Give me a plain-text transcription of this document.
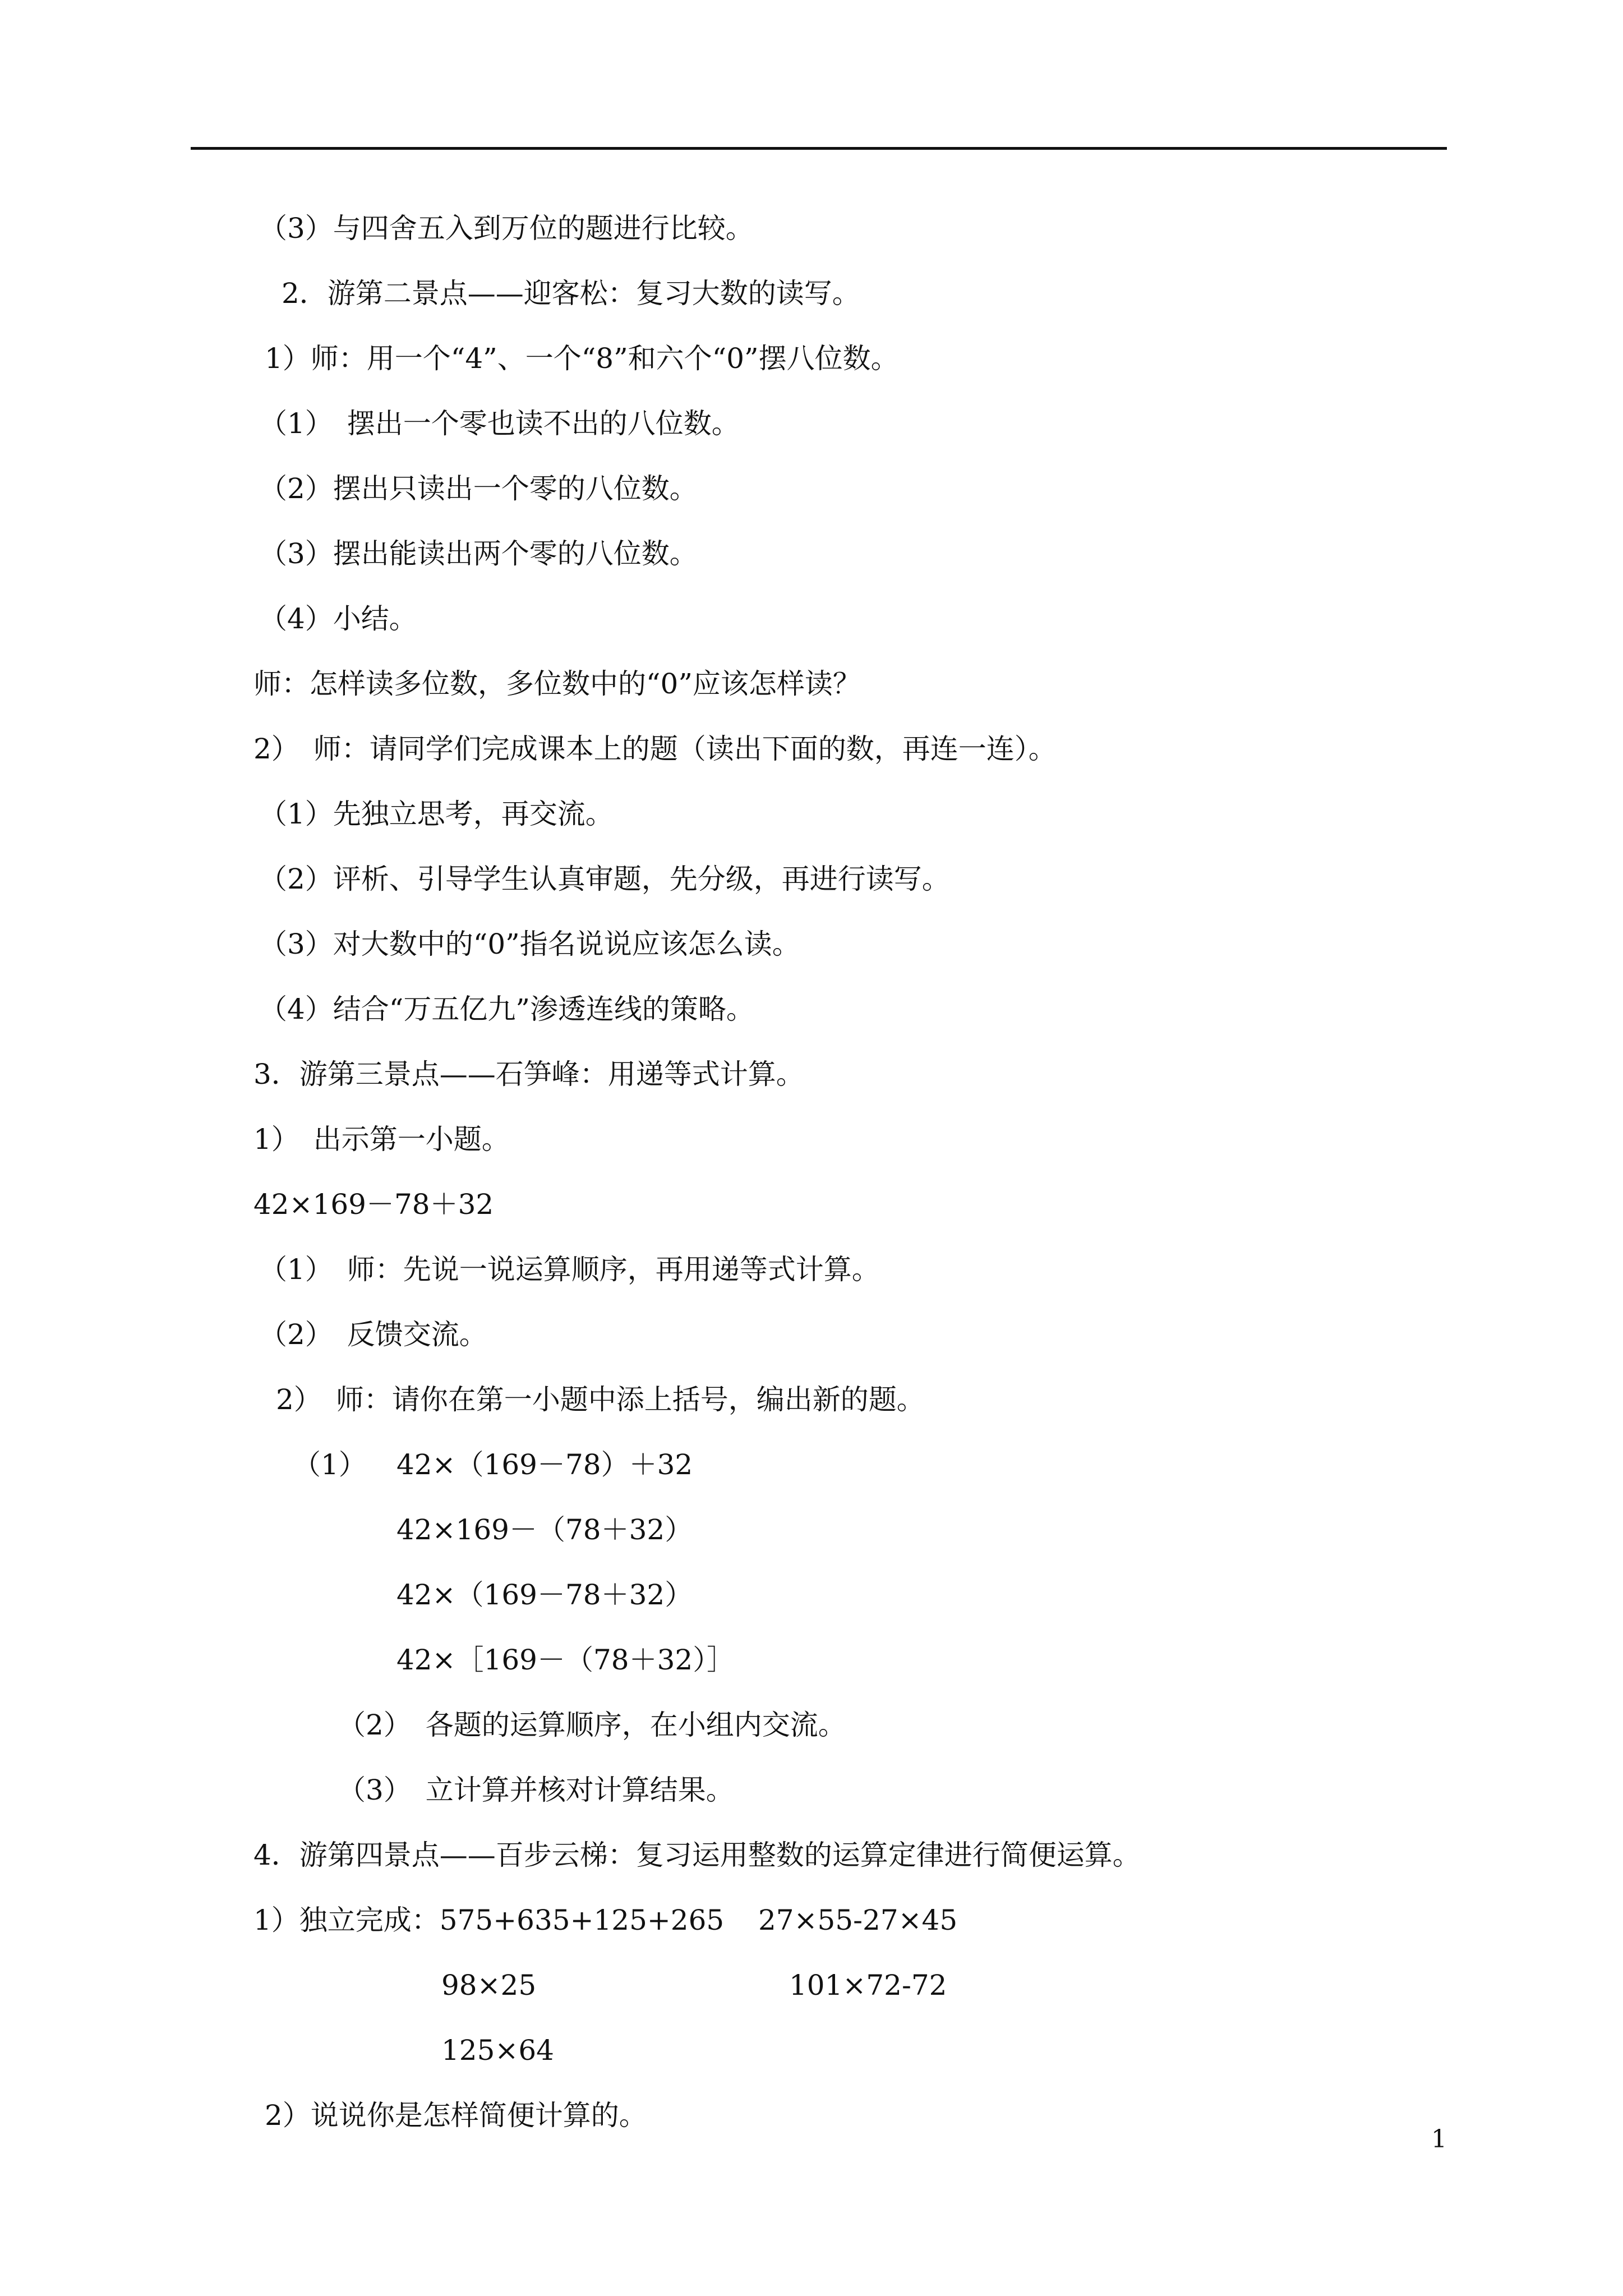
（3）与四舍五入到万位的题进行比较。
2．游第二景点——迎客松：复习大数的读写。
1）师：用一个“4”、一个“8”和六个“0”摆八位数。
（1）　摆出一个零也读不出的八位数。
（2）摆出只读出一个零的八位数。
（3）摆出能读出两个零的八位数。
（4）小结。
师：怎样读多位数，多位数中的“0”应该怎样读？
2）　师：请同学们完成课本上的题（读出下面的数，再连一连）。
（1）先独立思考，再交流。
（2）评析、引导学生认真审题，先分级，再进行读写。
（3）对大数中的“0”指名说说应该怎么读。
（4）结合“万五亿九”渗透连线的策略。
3．游第三景点——石笋峰：用递等式计算。
1）　出示第一小题。
42×169－78＋32
（1）　师：先说一说运算顺序，再用递等式计算。
（2）　反馈交流。
2）　师：请你在第一小题中添上括号，编出新的题。
（1） 42×（169－78）＋32
42×169－（78＋32）
42×（169－78＋32）
42×［169－（78＋32）］
（2）　各题的运算顺序，在小组内交流。
（3）　立计算并核对计算结果。
4．游第四景点——百步云梯：复习运用整数的运算定律进行简便运算。
1）独立完成：575+635+125+265 27×55-27×45
98×25	101×72-72
125×64
2）说说你是怎样简便计算的。
1
